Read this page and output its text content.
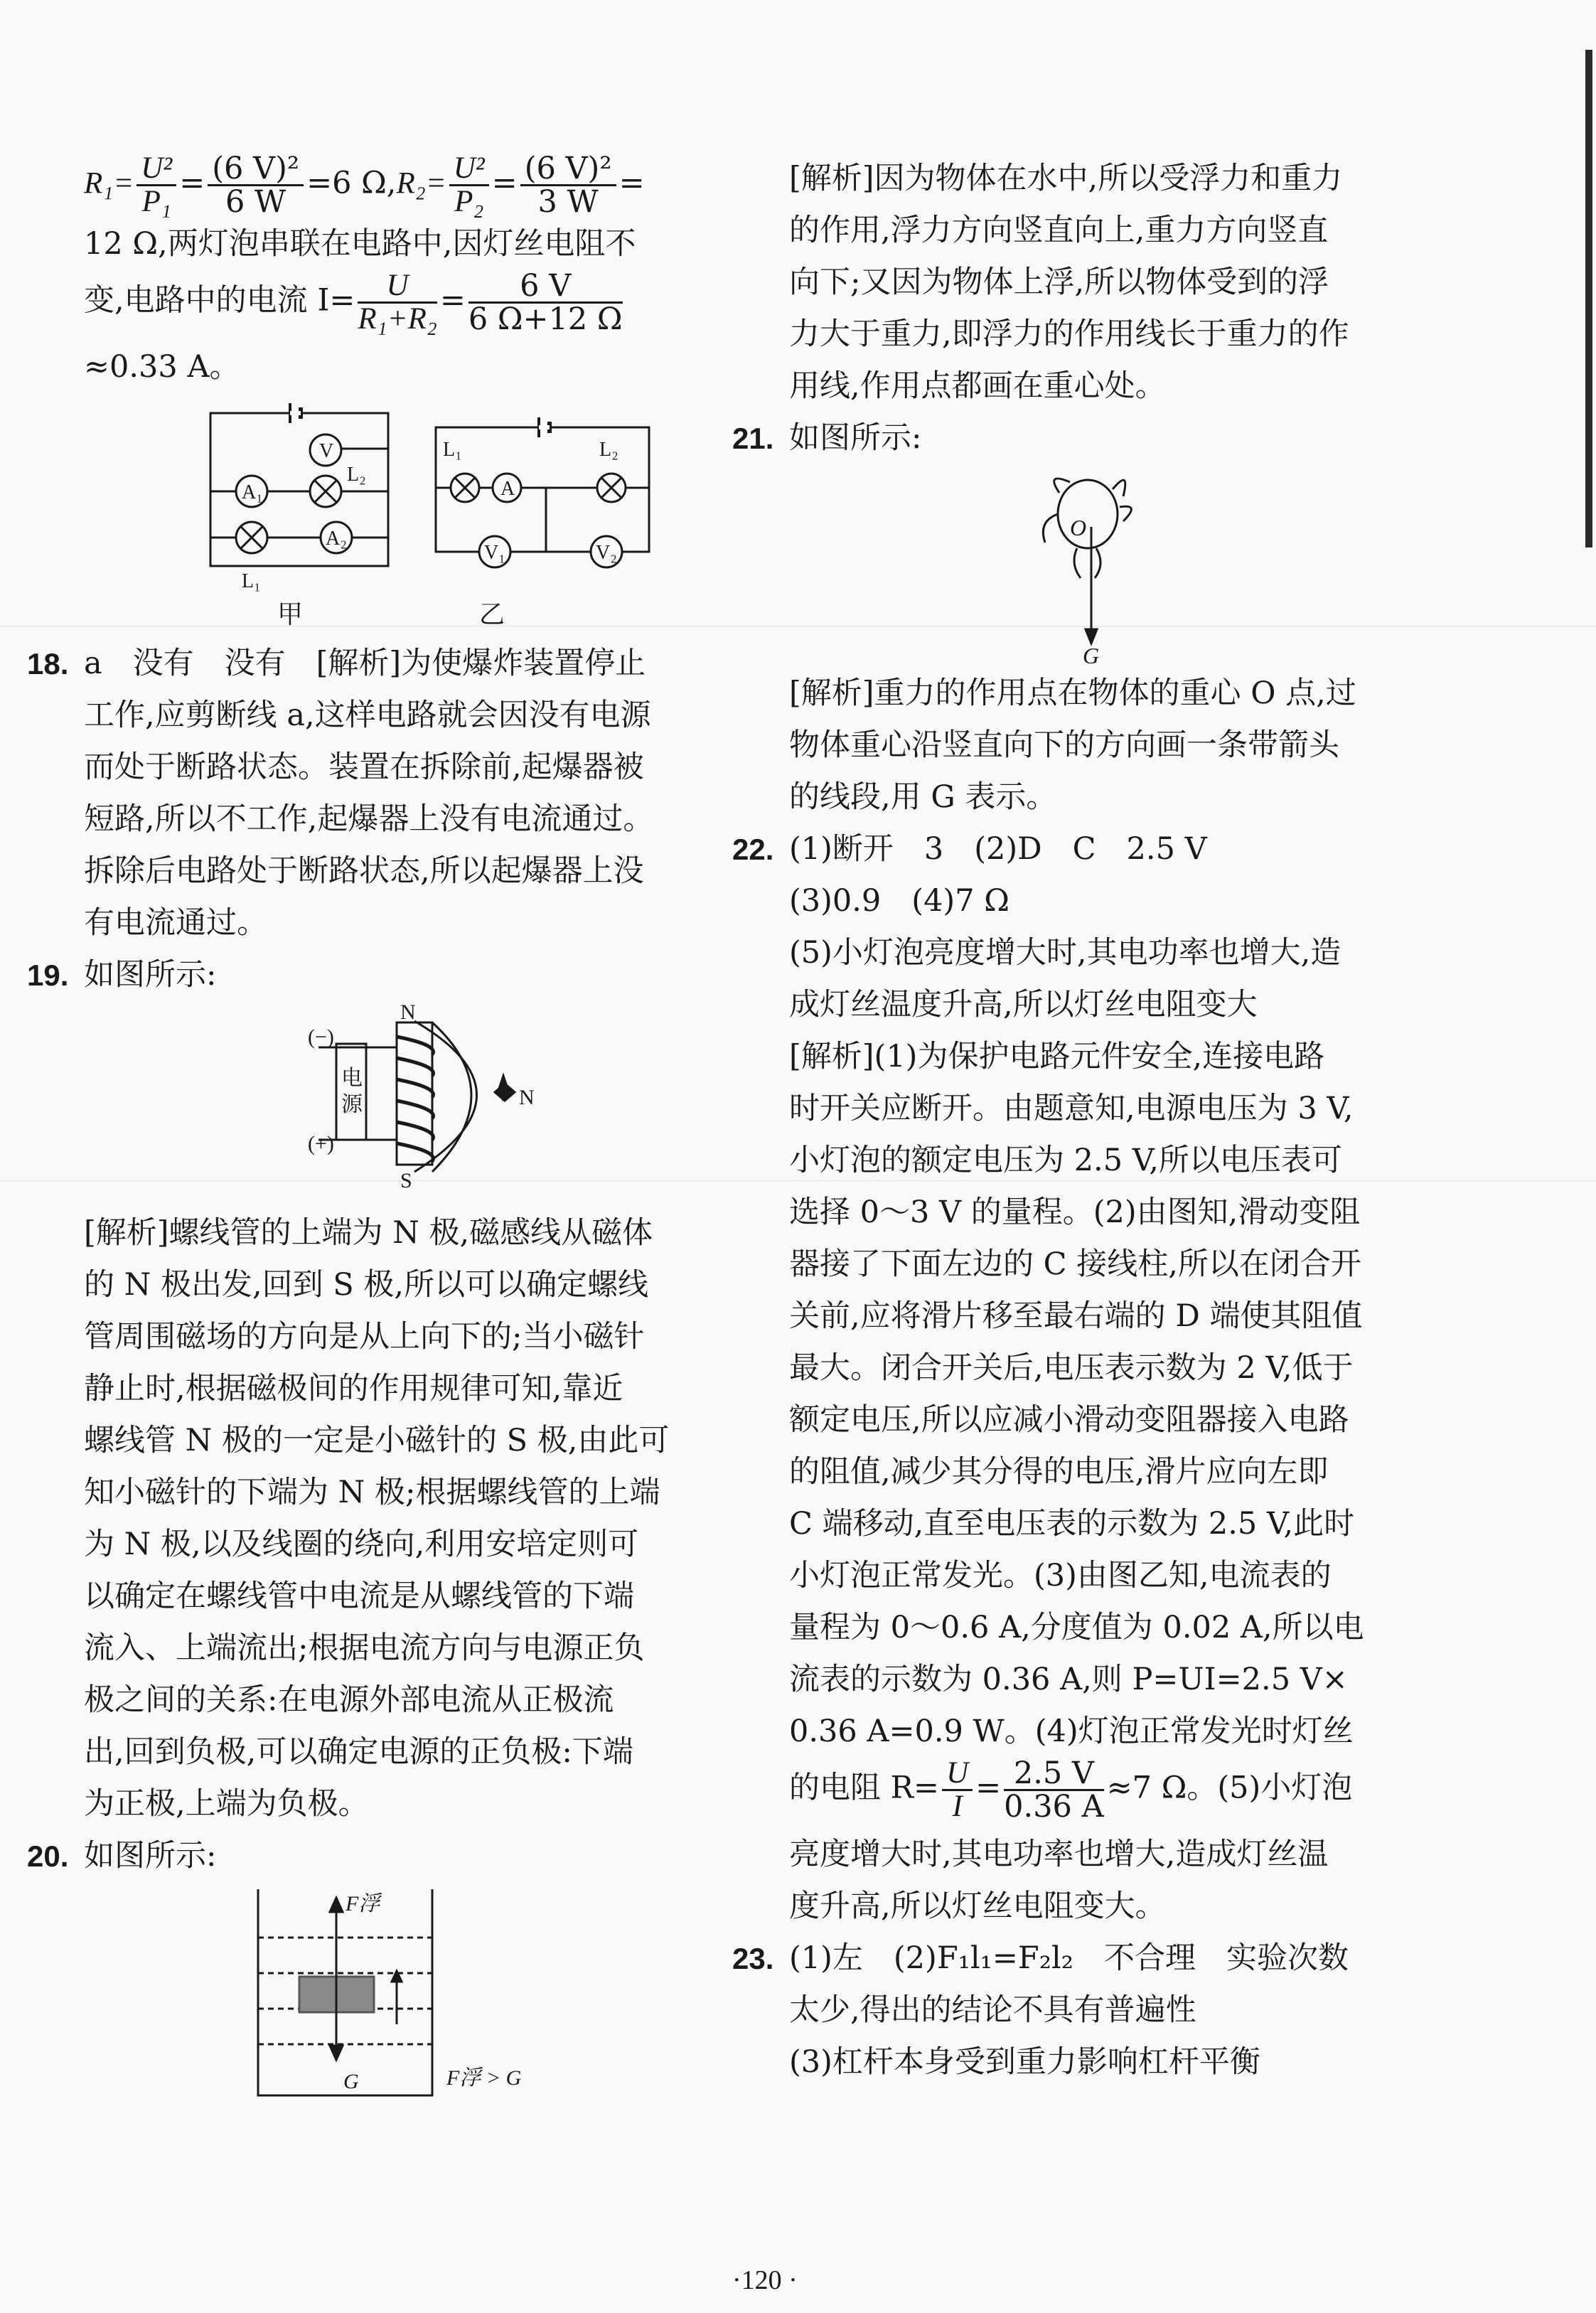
$R_1= \frac{\text{U²}}{\text{P₁}} = \frac{\text{(6 V)²}}{6 W} =6$ $\Omega,R_2= \frac{\text{U²}}{\text{P₂}} = \frac{\text{(6 V)²}}{3 W}$ =

12 Ω,两灯泡串联在电路中,因灯丝电阻不

变,电路中的电流 $I= \frac{U}{\text{R₁+R₂}} = \frac{6 V}{6 \Omega+12 \Omega}$

≈0.33 A。

V
A₁
A₂
L₂
L₁
L₁	L₂
A
V₁	V₂
甲	乙

18. a　没有　没有　[解析]为使爆炸装置停止

工作,应剪断线 a,这样电路就会因没有电源

而处于断路状态。装置在拆除前,起爆器被

短路,所以不工作,起爆器上没有电流通过。

拆除后电路处于断路状态,所以起爆器上没

有电流通过。

19. 如图所示:

(−)
(+)
N
S
N
电
源

[解析]螺线管的上端为 N 极,磁感线从磁体

的 N 极出发,回到 S 极,所以可以确定螺线

管周围磁场的方向是从上向下的;当小磁针

静止时,根据磁极间的作用规律可知,靠近

螺线管 N 极的一定是小磁针的 S 极,由此可

知小磁针的下端为 N 极;根据螺线管的上端

为 N 极,以及线圈的绕向,利用安培定则可

以确定在螺线管中电流是从螺线管的下端

流入、上端流出;根据电流方向与电源正负

极之间的关系:在电源外部电流从正极流

出,回到负极,可以确定电源的正负极:下端

为正极,上端为负极。

20. 如图所示:

F浮
G	F浮 > G

[解析]因为物体在水中,所以受浮力和重力

的作用,浮力方向竖直向上,重力方向竖直

向下;又因为物体上浮,所以物体受到的浮

力大于重力,即浮力的作用线长于重力的作

用线,作用点都画在重心处。

21. 如图所示:

O
G

[解析]重力的作用点在物体的重心 O 点,过

物体重心沿竖直向下的方向画一条带箭头

的线段,用 G 表示。

22. (1)断开　3　(2)D　C　2.5 V

(3)0.9　(4)7 Ω

(5)小灯泡亮度增大时,其电功率也增大,造

成灯丝温度升高,所以灯丝电阻变大

[解析](1)为保护电路元件安全,连接电路

时开关应断开。由题意知,电源电压为 3 V,

小灯泡的额定电压为 2.5 V,所以电压表可

选择 0～3 V 的量程。(2)由图知,滑动变阻

器接了下面左边的 C 接线柱,所以在闭合开

关前,应将滑片移至最右端的 D 端使其阻值

最大。闭合开关后,电压表示数为 2 V,低于

额定电压,所以应减小滑动变阻器接入电路

的阻值,减少其分得的电压,滑片应向左即

C 端移动,直至电压表的示数为 2.5 V,此时

小灯泡正常发光。(3)由图乙知,电流表的

量程为 0～0.6 A,分度值为 0.02 A,所以电

流表的示数为 0.36 A,则 P=UI=2.5 V×

0.36 A=0.9 W。(4)灯泡正常发光时灯丝

的电阻 $R= \frac{U}{I} = \frac{2.5 V}{0.36 A} \approx 7$ Ω。(5)小灯泡

亮度增大时,其电功率也增大,造成灯丝温

度升高,所以灯丝电阻变大。

23. (1)左　(2)F₁l₁=F₂l₂　不合理　实验次数

太少,得出的结论不具有普遍性

(3)杠杆本身受到重力影响杠杆平衡

·120 ·
